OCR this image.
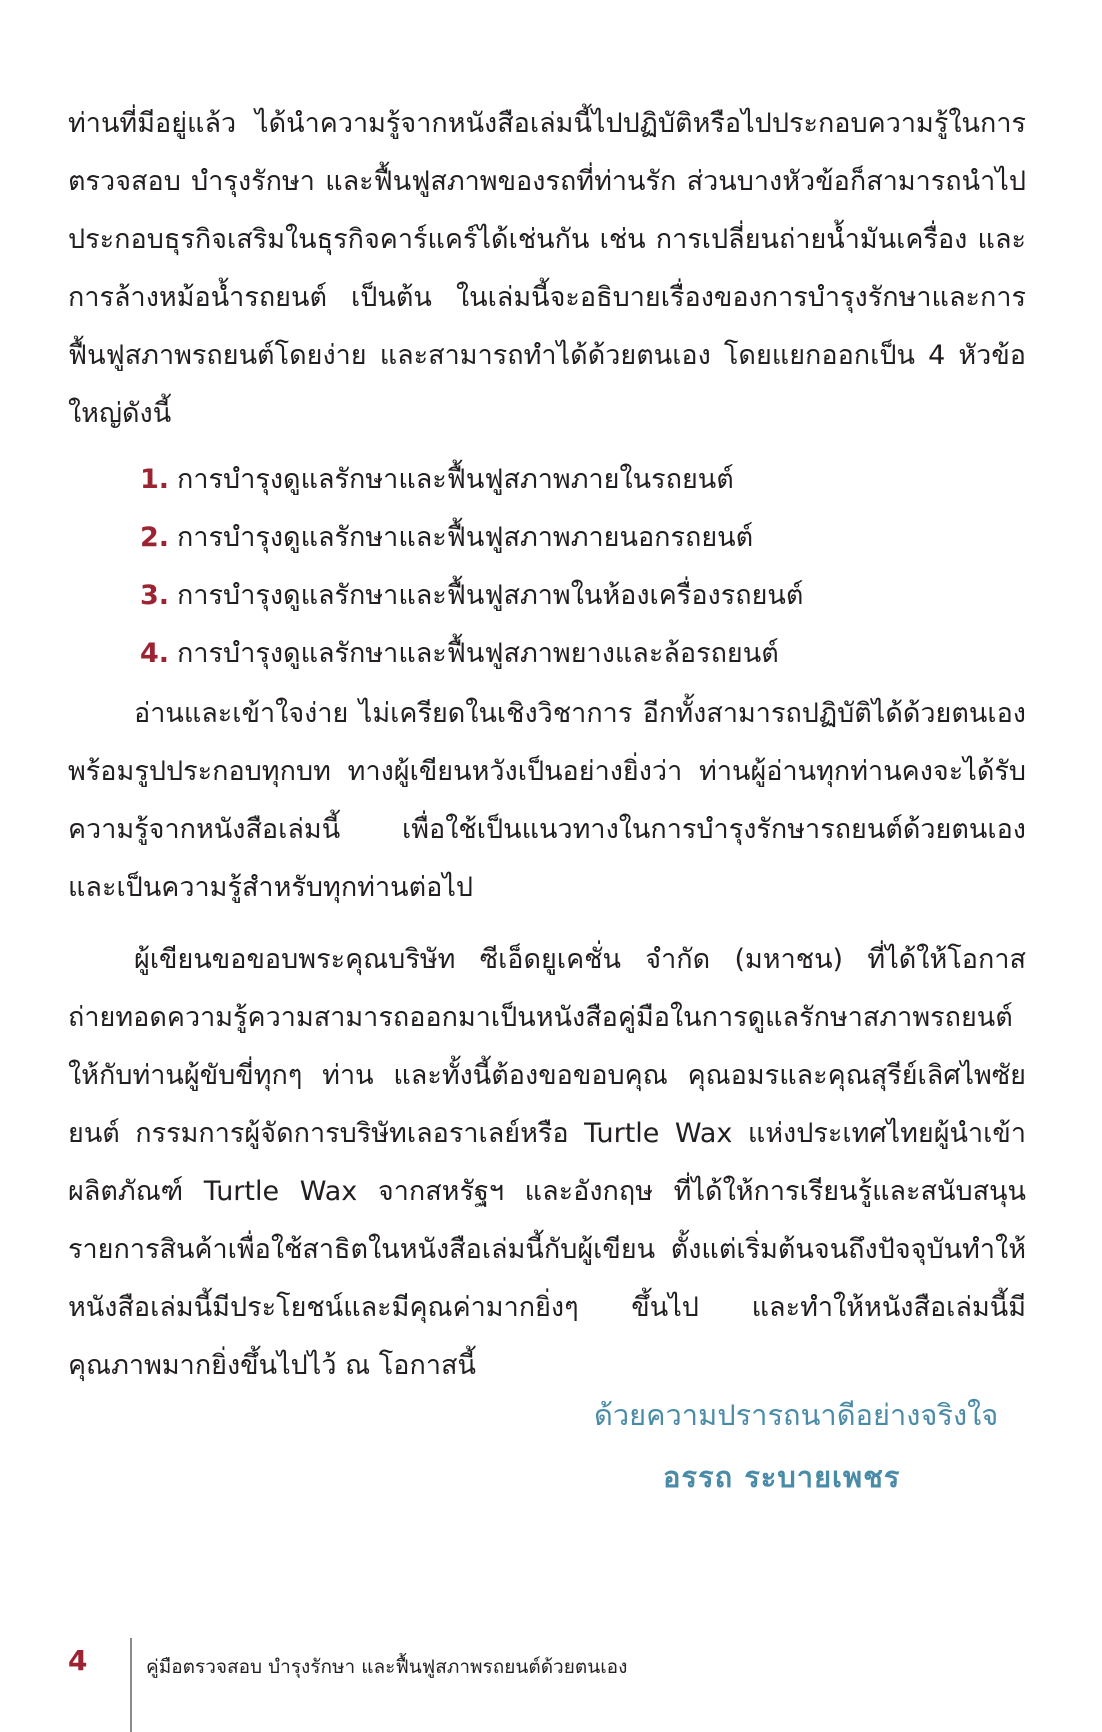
ท่านที่มีอยู่แล้ว ได้นำความรู้จากหนังสือเล่มนี้ไปปฏิบัติหรือไปประกอบความรู้ในการตรวจสอบ บำรุงรักษา และฟื้นฟูสภาพของรถที่ท่านรัก ส่วนบางหัวข้อก็สามารถนำไปประกอบธุรกิจเสริมในธุรกิจคาร์แคร์ได้เช่นกัน เช่น การเปลี่ยนถ่ายน้ำมันเครื่อง และการล้างหม้อน้ำรถยนต์ เป็นต้น ในเล่มนี้จะอธิบายเรื่องของการบำรุงรักษาและการฟื้นฟูสภาพรถยนต์โดยง่าย และสามารถทำได้ด้วยตนเอง โดยแยกออกเป็น 4 หัวข้อใหญ่ดังนี้

1. การบำรุงดูแลรักษาและฟื้นฟูสภาพภายในรถยนต์
2. การบำรุงดูแลรักษาและฟื้นฟูสภาพภายนอกรถยนต์
3. การบำรุงดูแลรักษาและฟื้นฟูสภาพในห้องเครื่องรถยนต์
4. การบำรุงดูแลรักษาและฟื้นฟูสภาพยางและล้อรถยนต์

อ่านและเข้าใจง่าย ไม่เครียดในเชิงวิชาการ อีกทั้งสามารถปฏิบัติได้ด้วยตนเอง พร้อมรูปประกอบทุกบท ทางผู้เขียนหวังเป็นอย่างยิ่งว่า ท่านผู้อ่านทุกท่านคงจะได้รับความรู้จากหนังสือเล่มนี้ เพื่อใช้เป็นแนวทางในการบำรุงรักษารถยนต์ด้วยตนเอง และเป็นความรู้สำหรับทุกท่านต่อไป

ผู้เขียนขอขอบพระคุณบริษัท ซีเอ็ดยูเคชั่น จำกัด (มหาชน) ที่ได้ให้โอกาสถ่ายทอดความรู้ความสามารถออกมาเป็นหนังสือคู่มือในการดูแลรักษาสภาพรถยนต์ให้กับท่านผู้ขับขี่ทุกๆ ท่าน และทั้งนี้ต้องขอขอบคุณ คุณอมรและคุณสุรีย์เลิศไพซัยยนต์ กรรมการผู้จัดการบริษัทเลอราเลย์หรือ Turtle Wax แห่งประเทศไทยผู้นำเข้าผลิตภัณฑ์ Turtle Wax จากสหรัฐฯ และอังกฤษ ที่ได้ให้การเรียนรู้และสนับสนุนรายการสินค้าเพื่อใช้สาธิตในหนังสือเล่มนี้กับผู้เขียน ตั้งแต่เริ่มต้นจนถึงปัจจุบันทำให้หนังสือเล่มนี้มีประโยชน์และมีคุณค่ามากยิ่งๆ ขึ้นไป และทำให้หนังสือเล่มนี้มีคุณภาพมากยิ่งขึ้นไปไว้ ณ โอกาสนี้

ด้วยความปรารถนาดีอย่างจริงใจ
อรรถ ระบายเพชร
4	คู่มือตรวจสอบ บำรุงรักษา และฟื้นฟูสภาพรถยนต์ด้วยตนเอง
